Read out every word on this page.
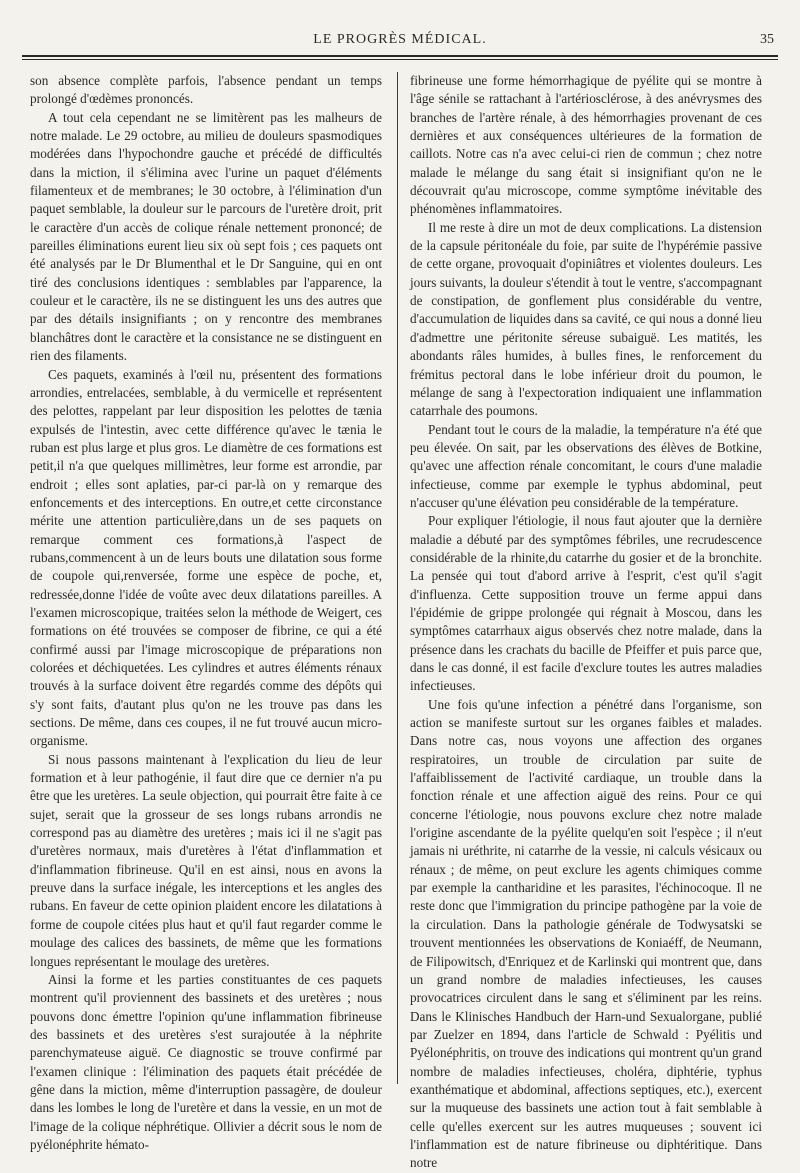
LE PROGRÈS MÉDICAL.	35

son absence complète parfois, l'absence pendant un temps prolongé d'œdèmes prononcés.

A tout cela cependant ne se limitèrent pas les malheurs de notre malade. Le 29 octobre, au milieu de douleurs spasmodiques modérées dans l'hypochondre gauche et précédé de difficultés dans la miction, il s'élimina avec l'urine un paquet d'éléments filamenteux et de membranes; le 30 octobre, à l'élimination d'un paquet semblable, la douleur sur le parcours de l'uretère droit, prit le caractère d'un accès de colique rénale nettement prononcé; de pareilles éliminations eurent lieu six où sept fois ; ces paquets ont été analysés par le Dr Blumenthal et le Dr Sanguine, qui en ont tiré des conclusions identiques : semblables par l'apparence, la couleur et le caractère, ils ne se distinguent les uns des autres que par des détails insignifiants ; on y rencontre des membranes blanchâtres dont le caractère et la consistance ne se distinguent en rien des filaments.

Ces paquets, examinés à l'œil nu, présentent des formations arrondies, entrelacées, semblable, à du vermicelle et représentent des pelottes, rappelant par leur disposition les pelottes de tænia expulsés de l'intestin, avec cette différence qu'avec le tænia le ruban est plus large et plus gros. Le diamètre de ces formations est petit,il n'a que quelques millimètres, leur forme est arrondie, par endroit ; elles sont aplaties, par-ci par-là on y remarque des enfoncements et des interceptions. En outre,et cette circonstance mérite une attention particulière,dans un de ses paquets on remarque comment ces formations,à l'aspect de rubans,commencent à un de leurs bouts une dilatation sous forme de coupole qui,renversée, forme une espèce de poche, et, redressée,donne l'idée de voûte avec deux dilatations pareilles. A l'examen microscopique, traitées selon la méthode de Weigert, ces formations on été trouvées se composer de fibrine, ce qui a été confirmé aussi par l'image microscopique de préparations non colorées et déchiquetées. Les cylindres et autres éléments rénaux trouvés à la surface doivent être regardés comme des dépôts qui s'y sont faits, d'autant plus qu'on ne les trouve pas dans les sections. De même, dans ces coupes, il ne fut trouvé aucun micro-organisme.

Si nous passons maintenant à l'explication du lieu de leur formation et à leur pathogénie, il faut dire que ce dernier n'a pu être que les uretères. La seule objection, qui pourrait être faite à ce sujet, serait que la grosseur de ses longs rubans arrondis ne correspond pas au diamètre des uretères ; mais ici il ne s'agit pas d'uretères normaux, mais d'uretères à l'état d'inflammation et d'inflammation fibrineuse. Qu'il en est ainsi, nous en avons la preuve dans la surface inégale, les interceptions et les angles des rubans. En faveur de cette opinion plaident encore les dilatations à forme de coupole citées plus haut et qu'il faut regarder comme le moulage des calices des bassinets, de même que les formations longues représentant le moulage des uretères.

Ainsi la forme et les parties constituantes de ces paquets montrent qu'il proviennent des bassinets et des uretères ; nous pouvons donc émettre l'opinion qu'une inflammation fibrineuse des bassinets et des uretères s'est surajoutée à la néphrite parenchymateuse aiguë. Ce diagnostic se trouve confirmé par l'examen clinique : l'élimination des paquets était précédée de gêne dans la miction, même d'interruption passagère, de douleur dans les lombes le long de l'uretère et dans la vessie, en un mot de l'image de la colique néphrétique. Ollivier a décrit sous le nom de pyélonéphrite hémato-

fibrineuse une forme hémorrhagique de pyélite qui se montre à l'âge sénile se rattachant à l'artériosclérose, à des anévrysmes des branches de l'artère rénale, à des hémorrhagies provenant de ces dernières et aux conséquences ultérieures de la formation de caillots. Notre cas n'a avec celui-ci rien de commun ; chez notre malade le mélange du sang était si insignifiant qu'on ne le découvrait qu'au microscope, comme symptôme inévitable des phénomènes inflammatoires.

Il me reste à dire un mot de deux complications. La distension de la capsule péritonéale du foie, par suite de l'hypérémie passive de cette organe, provoquait d'opiniâtres et violentes douleurs. Les jours suivants, la douleur s'étendit à tout le ventre, s'accompagnant de constipation, de gonflement plus considérable du ventre, d'accumulation de liquides dans sa cavité, ce qui nous a donné lieu d'admettre une péritonite séreuse subaiguë. Les matités, les abondants râles humides, à bulles fines, le renforcement du frémitus pectoral dans le lobe inférieur droit du poumon, le mélange de sang à l'expectoration indiquaient une inflammation catarrhale des poumons.

Pendant tout le cours de la maladie, la température n'a été que peu élevée. On sait, par les observations des élèves de Botkine, qu'avec une affection rénale concomitant, le cours d'une maladie infectieuse, comme par exemple le typhus abdominal, peut n'accuser qu'une élévation peu considérable de la température.

Pour expliquer l'étiologie, il nous faut ajouter que la dernière maladie a débuté par des symptômes fébriles, une recrudescence considérable de la rhinite,du catarrhe du gosier et de la bronchite. La pensée qui tout d'abord arrive à l'esprit, c'est qu'il s'agit d'influenza. Cette supposition trouve un ferme appui dans l'épidémie de grippe prolongée qui régnait à Moscou, dans les symptômes catarrhaux aigus observés chez notre malade, dans la présence dans les crachats du bacille de Pfeiffer et puis parce que, dans le cas donné, il est facile d'exclure toutes les autres maladies infectieuses.

Une fois qu'une infection a pénétré dans l'organisme, son action se manifeste surtout sur les organes faibles et malades. Dans notre cas, nous voyons une affection des organes respiratoires, un trouble de circulation par suite de l'affaiblissement de l'activité cardiaque, un trouble dans la fonction rénale et une affection aiguë des reins. Pour ce qui concerne l'étiologie, nous pouvons exclure chez notre malade l'origine ascendante de la pyélite quelqu'en soit l'espèce ; il n'eut jamais ni uréthrite, ni catarrhe de la vessie, ni calculs vésicaux ou rénaux ; de même, on peut exclure les agents chimiques comme par exemple la cantharidine et les parasites, l'échinocoque. Il ne reste donc que l'immigration du principe pathogène par la voie de la circulation. Dans la pathologie générale de Todwysatski se trouvent mentionnées les observations de Koniaéff, de Neumann, de Filipowitsch, d'Enriquez et de Karlinski qui montrent que, dans un grand nombre de maladies infectieuses, les causes provocatrices circulent dans le sang et s'éliminent par les reins. Dans le Klinisches Handbuch der Harn-und Sexualorgane, publié par Zuelzer en 1894, dans l'article de Schwald : Pyélitis und Pyélonéphritis, on trouve des indications qui montrent qu'un grand nombre de maladies infectieuses, choléra, diphtérie, typhus exanthématique et abdominal, affections septiques, etc.), exercent sur la muqueuse des bassinets une action tout à fait semblable à celle qu'elles exercent sur les autres muqueuses ; souvent ici l'inflammation est de nature fibrineuse ou diphtéritique. Dans notre
